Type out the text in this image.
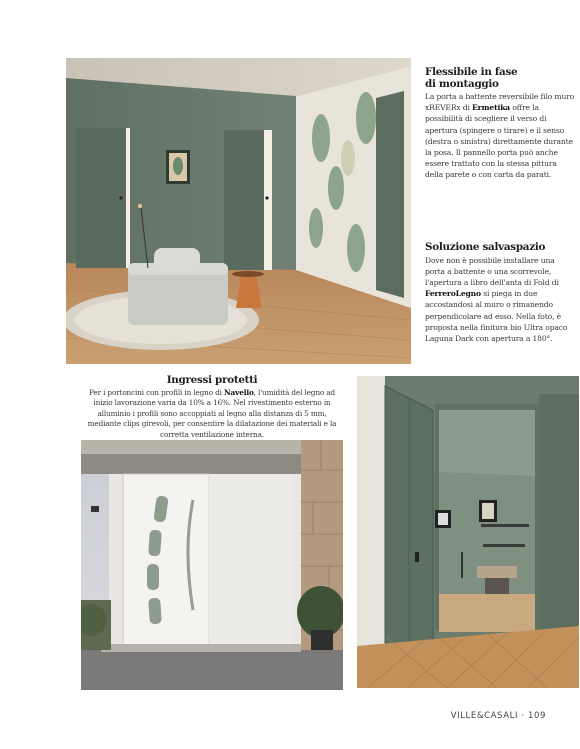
Flessibile in fase
di montaggio
La porta a battente reversibile filo muro xREVERx di Ermetika offre la possibilità di scegliere il verso di apertura (spingere o tirare) e il senso (destra o sinistra) direttamente durante la posa. Il pannello porta può anche essere trattato con la stessa pittura della parete o con carta da parati.
Soluzione salvaspazio
Dove non è possibile installare una porta a battente o una scorrevole, l'apertura a libro dell'anta di Fold di FerreroLegno si piega in due accostandosi al muro o rimanendo perpendicolare ad esso. Nella foto, è proposta nella finitura bio Ultra opaco Laguna Dark con apertura a 180°.
Ingressi protetti
Per i portoncini con profili in legno di Navello, l'umidità del legno ad inizio lavorazione varia da 10% a 16%. Nel rivestimento esterno in alluminio i profili sono accoppiati al legno alla distanza di 5 mm, mediante clips girevoli, per consentire la dilatazione dei materiali e la corretta ventilazione interna.
VILLE&CASALI · 109
